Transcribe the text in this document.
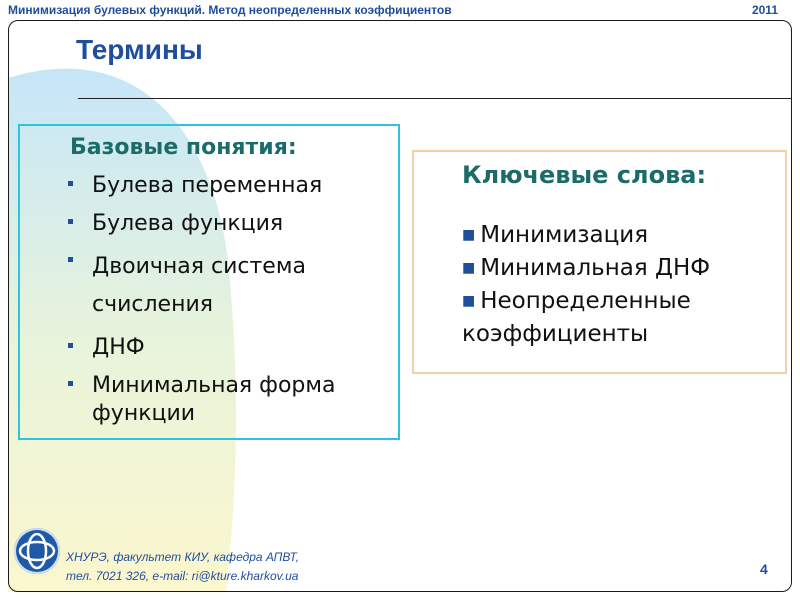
Минимизация булевых функций. Метод неопределенных коэффициентов	2011
Термины
Базовые понятия:
Булева переменная
Булева функция
Двоичная система счисления
ДНФ
Минимальная форма функции
Ключевые слова:
■ Минимизация
■ Минимальная ДНФ
■ Неопределенные коэффициенты
ХНУРЭ, факультет КИУ, кафедра АПВТ,
тел. 7021 326, e-mail: ri@kture.kharkov.ua	4
